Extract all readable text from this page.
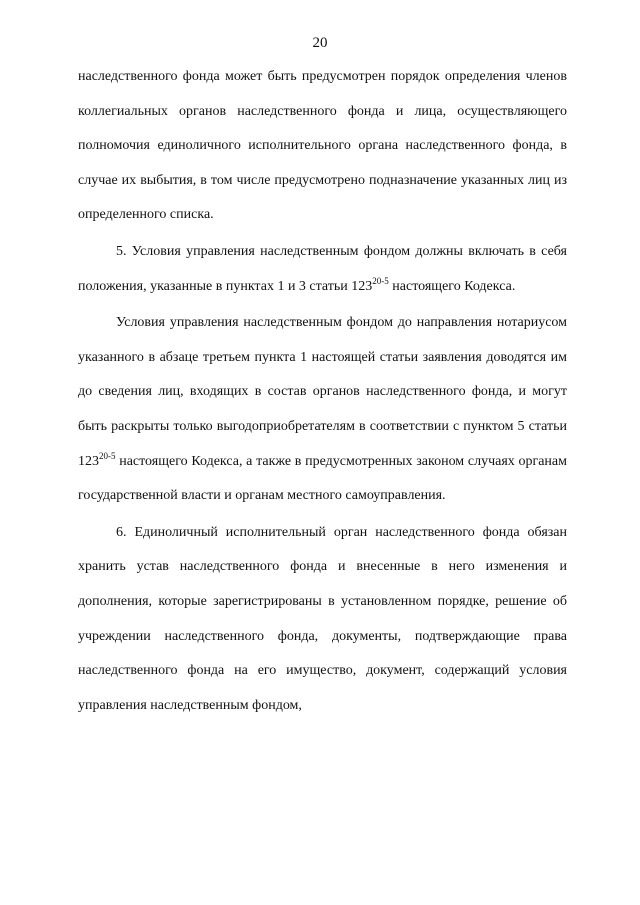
20

наследственного фонда может быть предусмотрен порядок определения членов коллегиальных органов наследственного фонда и лица, осуществляющего полномочия единоличного исполнительного органа наследственного фонда, в случае их выбытия, в том числе предусмотрено подназначение указанных лиц из определенного списка.

5. Условия управления наследственным фондом должны включать в себя положения, указанные в пунктах 1 и 3 статьи 123$^{20-5}$ настоящего Кодекса.

Условия управления наследственным фондом до направления нотариусом указанного в абзаце третьем пункта 1 настоящей статьи заявления доводятся им до сведения лиц, входящих в состав органов наследственного фонда, и могут быть раскрыты только выгодоприобретателям в соответствии с пунктом 5 статьи 123$^{20-5}$ настоящего Кодекса, а также в предусмотренных законом случаях органам государственной власти и органам местного самоуправления.

6. Единоличный исполнительный орган наследственного фонда обязан хранить устав наследственного фонда и внесенные в него изменения и дополнения, которые зарегистрированы в установленном порядке, решение об учреждении наследственного фонда, документы, подтверждающие права наследственного фонда на его имущество, документ, содержащий условия управления наследственным фондом,
